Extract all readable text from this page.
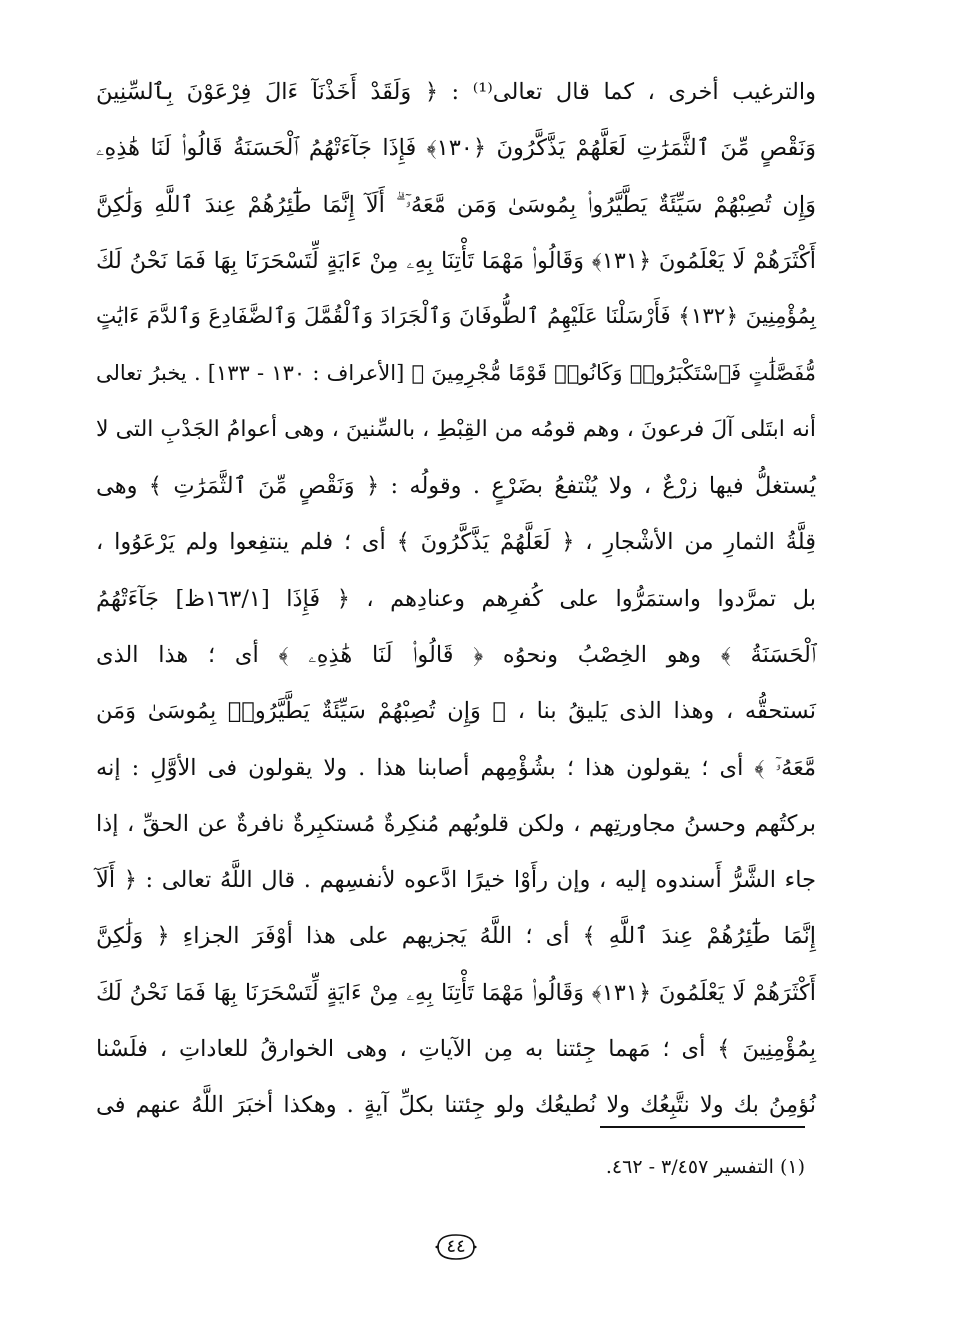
والترغيب أخرى ، كما قال تعالى⁽¹⁾ : ﴿ وَلَقَدْ أَخَذْنَآ ءَالَ فِرْعَوْنَ بِٱلسِّنِينَ
وَنَقْصٍ مِّنَ ٱلثَّمَرَٰتِ لَعَلَّهُمْ يَذَّكَّرُونَ ﴿١٣٠﴾ فَإِذَا جَآءَتْهُمُ ٱلْحَسَنَةُ قَالُوا۟ لَنَا هَٰذِهِۦ
وَإِن تُصِبْهُمْ سَيِّئَةٌ يَطَّيَّرُوا۟ بِمُوسَىٰ وَمَن مَّعَهُۥٓ ۗ أَلَآ إِنَّمَا طَٰٓئِرُهُمْ عِندَ ٱللَّهِ وَلَٰكِنَّ
أَكْثَرَهُمْ لَا يَعْلَمُونَ ﴿١٣١﴾ وَقَالُوا۟ مَهْمَا تَأْتِنَا بِهِۦ مِنْ ءَايَةٍ لِّتَسْحَرَنَا بِهَا فَمَا نَحْنُ لَكَ
بِمُؤْمِنِينَ ﴿١٣٢﴾ فَأَرْسَلْنَا عَلَيْهِمُ ٱلطُّوفَانَ وَٱلْجَرَادَ وَٱلْقُمَّلَ وَٱلضَّفَادِعَ وَٱلدَّمَ ءَايَٰتٍ
مُّفَصَّلَٰتٍ فَٱسْتَكْبَرُوا۟ وَكَانُوا۟ قَوْمًا مُّجْرِمِينَ ﴾ [الأعراف : ١٣٠ - ١٣٣] . يخبرُ تعالى
أنه ابتَلى آلَ فرعونَ ، وهم قومُه من القِبْطِ ، بالسِّنينَ ، وهى أعوامُ الجَدْبِ التى لا
يُستغلُّ فيها زرْعٌ ، ولا يُنْتفعُ بضَرْعٍ . وقولُه : ﴿ وَنَقْصٍ مِّنَ ٱلثَّمَرَٰتِ ﴾ وهى
قِلَّةُ الثمارِ من الأشْجارِ ، ﴿ لَعَلَّهُمْ يَذَّكَّرُونَ ﴾ أى ؛ فلم ينتفِعوا ولم يَرْعَوُوا ،
بل تمرَّدوا واستمَرُّوا على كُفرِهم وعنادِهم ، ﴿ فَإِذَا [١٦٣/١ظ] جَآءَتْهُمُ
ٱلْحَسَنَةُ ﴾ وهو الخِصْبُ ونحوُه ﴿ قَالُوا۟ لَنَا هَٰذِهِۦ ﴾ أى ؛ هذا الذى
نَستحقُّه ، وهذا الذى يَليقُ بنا ، ﴿ وَإِن تُصِبْهُمْ سَيِّئَةٌ يَطَّيَّرُوا۟ بِمُوسَىٰ وَمَن
مَّعَهُۥٓ ﴾ أى ؛ يقولون هذا ؛ بشُؤْمِهم أصابنا هذا . ولا يقولون فى الأوَّلِ : إنه
بركتُهم وحسنُ مجاورتِهم ، ولكن قلوبُهم مُنكِرةٌ مُستكبِرةٌ نافرةٌ عن الحقِّ ، إذا
جاء الشَّرُّ أَسندوه إليه ، وإن رأَوْا خيرًا ادَّعوه لأنفسِهم . قال اللَّهُ تعالى : ﴿ أَلَآ
إِنَّمَا طَٰٓئِرُهُمْ عِندَ ٱللَّهِ ﴾ أى ؛ اللَّهُ يَجزيهم على هذا أوْفَرَ الجزاءِ ﴿ وَلَٰكِنَّ
أَكْثَرَهُمْ لَا يَعْلَمُونَ ﴿١٣١﴾ وَقَالُوا۟ مَهْمَا تَأْتِنَا بِهِۦ مِنْ ءَايَةٍ لِّتَسْحَرَنَا بِهَا فَمَا نَحْنُ لَكَ
بِمُؤْمِنِينَ ﴾ أى ؛ مَهما جِئتنا به مِن الآياتِ ، وهى الخوارقُ للعاداتِ ، فلَسْنا
نُؤمِنُ بك ولا نتَّبِعُك ولا نُطيعُك ولو جِئتنا بكلِّ آيةٍ . وهكذا أخبَرَ اللَّهُ عنهم فى
(١) التفسير ٣/٤٥٧ - ٤٦٢.
٤٤
